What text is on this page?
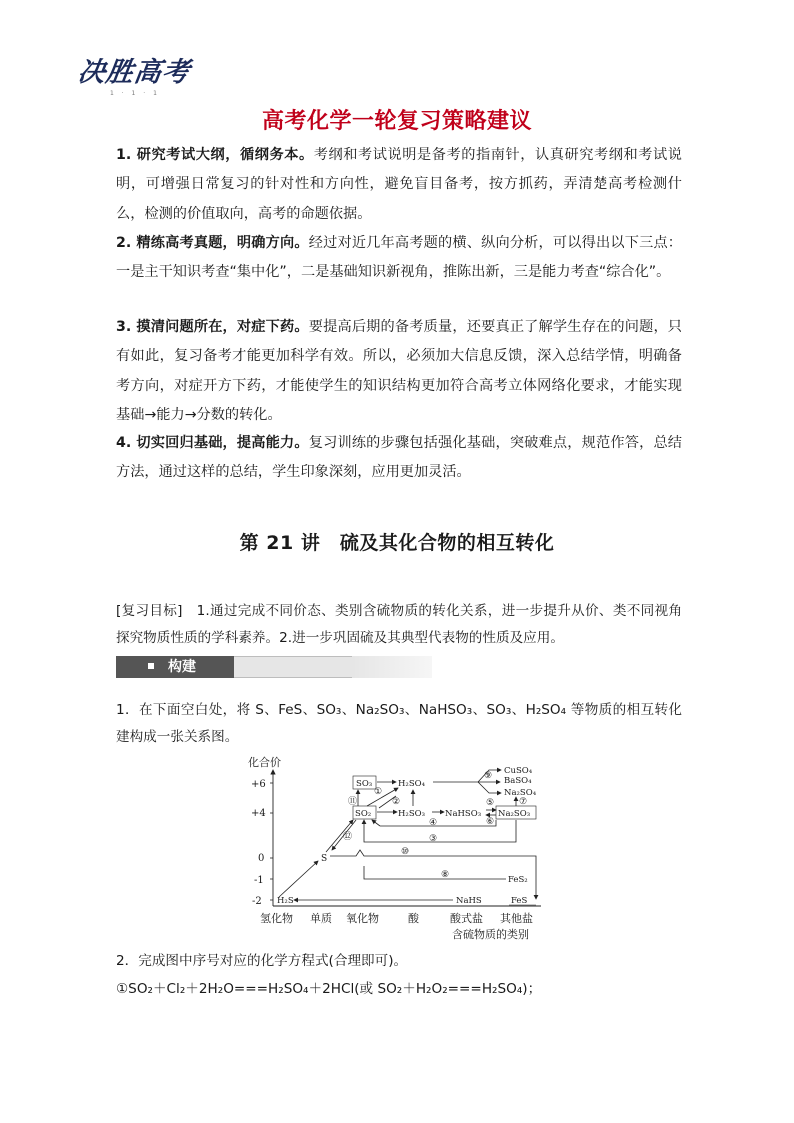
决胜高考
1 · 1 · 1
高考化学一轮复习策略建议

1. 研究考试大纲，循纲务本。考纲和考试说明是备考的指南针，认真研究考纲和考试说明，可增强日常复习的针对性和方向性，避免盲目备考，按方抓药，弄清楚高考检测什么，检测的价值取向，高考的命题依据。

2. 精练高考真题，明确方向。经过对近几年高考题的横、纵向分析，可以得出以下三点：一是主干知识考查“集中化”，二是基础知识新视角，推陈出新，三是能力考查“综合化”。

3. 摸清问题所在，对症下药。要提高后期的备考质量，还要真正了解学生存在的问题，只有如此，复习备考才能更加科学有效。所以，必须加大信息反馈，深入总结学情，明确备考方向，对症开方下药，才能使学生的知识结构更加符合高考立体网络化要求，才能实现基础→能力→分数的转化。

4. 切实回归基础，提高能力。复习训练的步骤包括强化基础，突破难点，规范作答，总结方法，通过这样的总结，学生印象深刻，应用更加灵活。

第 21 讲　硫及其化合物的相互转化
[复习目标]　1.通过完成不同价态、类别含硫物质的转化关系，进一步提升从价、类不同视角探究物质性质的学科素养。2.进一步巩固硫及其典型代表物的性质及应用。
构建
1．在下面空白处，将 S、FeS、SO₃、Na₂SO₃、NaHSO₃、SO₃、H₂SO₄ 等物质的相互转化建构成一张关系图。
化合价
+6
+4
0
-1
-2
氢化物 单质 氧化物	酸	酸式盐 其他盐
含硫物质的类别
SO₃	H₂SO₄
CuSO₄
BaSO₄
Na₂SO₄
SO₂	H₂SO₃ NaHSO₃ Na₂SO₃
S
FeS₂
H₂S	NaHS	FeS
⑪
①
②
③
④
⑤
⑥
⑦
⑧
⑨
⑩
⑫
2．完成图中序号对应的化学方程式(合理即可)。
①SO₂＋Cl₂＋2H₂O===H₂SO₄＋2HCl(或 SO₂＋H₂O₂===H₂SO₄)；
